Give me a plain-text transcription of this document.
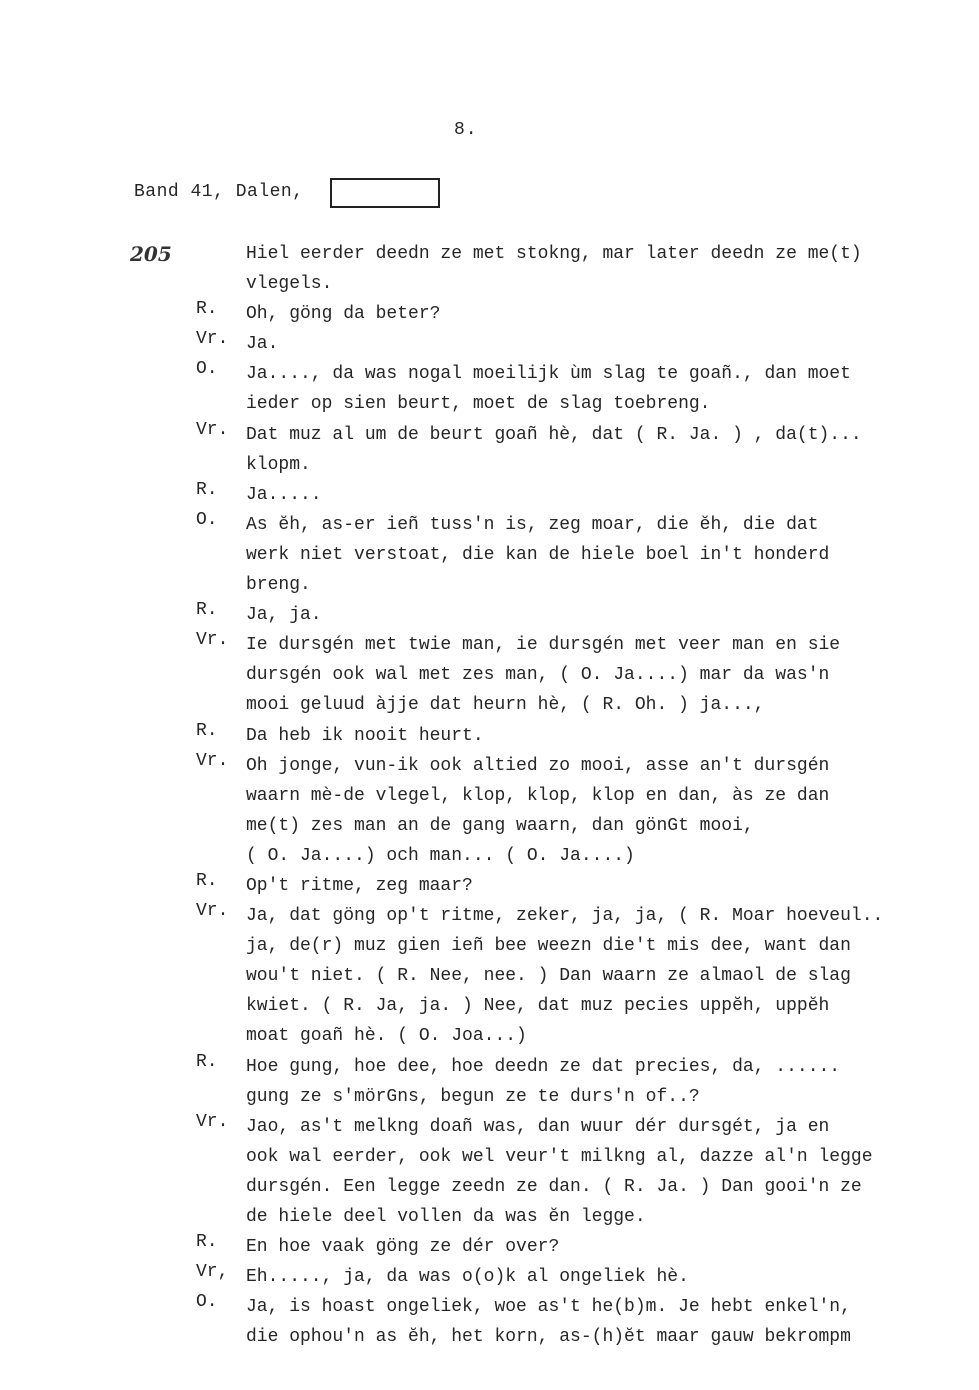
8.
Band 41, Dalen,
205	Hiel eerder deedn ze met stokng, mar later deedn ze me(t)
vlegels.
R.	Oh, göng da beter?
Vr. Ja.
O.	Ja...., da was nogal moeilijk ùm slag te goañ., dan moet
ieder op sien beurt, moet de slag toebreng.
Vr. Dat muz al um de beurt goañ hè, dat ( R. Ja. ) , da(t)...
klopm.
R.	Ja.....
O.	As ĕh, as-er ieñ tuss'n is, zeg moar, die ĕh, die dat
werk niet verstoat, die kan de hiele boel in't honderd
breng.
R.	Ja, ja.
Vr. Ie dursgén met twie man, ie dursgén met veer man en sie
dursgén ook wal met zes man, ( O. Ja....) mar da was'n
mooi geluud àjje dat heurn hè, ( R. Oh. ) ja...,
R.	Da heb ik nooit heurt.
Vr. Oh jonge, vun-ik ook altied zo mooi, asse an't dursgén
waarn mè-de vlegel, klop, klop, klop en dan, às ze dan
me(t) zes man an de gang waarn, dan gönGt mooi,
( O. Ja....) och man... ( O. Ja....)
R.	Op't ritme, zeg maar?
Vr. Ja, dat göng op't ritme, zeker, ja, ja, ( R. Moar hoeveul..
ja, de(r) muz gien ieñ bee weezn die't mis dee, want dan
wou't niet. ( R. Nee, nee. ) Dan waarn ze almaol de slag
kwiet. ( R. Ja, ja. ) Nee, dat muz pecies uppĕh, uppĕh
moat goañ hè. ( O. Joa...)
R.	Hoe gung, hoe dee, hoe deedn ze dat precies, da, ......
gung ze s'mörGns, begun ze te durs'n of..?
Vr. Jao, as't melkng doañ was, dan wuur dér dursgét, ja en
ook wal eerder, ook wel veur't milkng al, dazze al'n legge
dursgén. Een legge zeedn ze dan. ( R. Ja. ) Dan gooi'n ze
de hiele deel vollen da was ĕn legge.
R.	En hoe vaak göng ze dér over?
Vr, Eh....., ja, da was o(o)k al ongeliek hè.
O.	Ja, is hoast ongeliek, woe as't he(b)m. Je hebt enkel'n,
die ophou'n as ĕh, het korn, as-(h)ĕt maar gauw bekrompm
